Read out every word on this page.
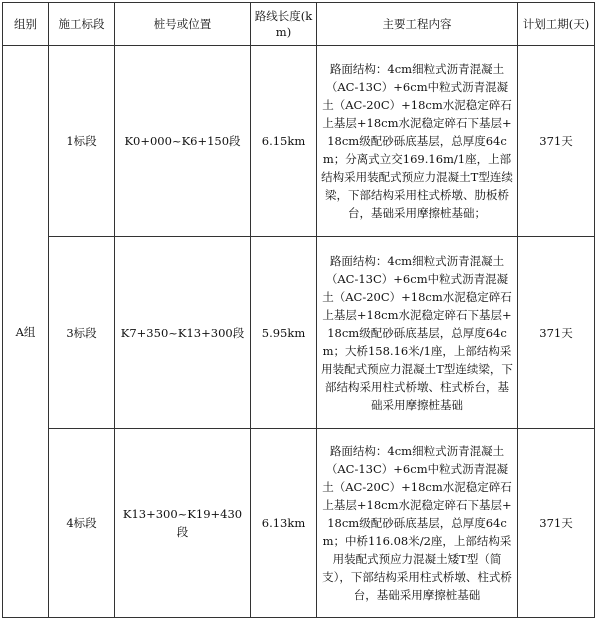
组别	施工标段	桩号或位置	路线长度(km)	主要工程内容	计划工期(天)
A组	1标段	K0+000~K6+150段	6.15km	路面结构：4cm细粒式沥青混凝土（AC-13C）+6cm中粒式沥青混凝土（AC-20C）+18cm水泥稳定碎石上基层+18cm水泥稳定碎石下基层+18cm级配砂砾底基层，总厚度64cm；分离式立交169.16m/1座，上部结构采用装配式预应力混凝土T型连续梁，下部结构采用柱式桥墩、肋板桥台，基础采用摩擦桩基础；	371天
	3标段	K7+350~K13+300段	5.95km	路面结构：4cm细粒式沥青混凝土（AC-13C）+6cm中粒式沥青混凝土（AC-20C）+18cm水泥稳定碎石上基层+18cm水泥稳定碎石下基层+18cm级配砂砾底基层，总厚度64cm；大桥158.16米/1座，上部结构采用装配式预应力混凝土T型连续梁，下部结构采用柱式桥墩、柱式桥台，基础采用摩擦桩基础	371天
	4标段	K13+300~K19+430段	6.13km	路面结构：4cm细粒式沥青混凝土（AC-13C）+6cm中粒式沥青混凝土（AC-20C）+18cm水泥稳定碎石上基层+18cm水泥稳定碎石下基层+18cm级配砂砾底基层，总厚度64cm；中桥116.08米/2座，上部结构采用装配式预应力混凝土矮T型（简支），下部结构采用柱式桥墩、柱式桥台，基础采用摩擦桩基础	371天
